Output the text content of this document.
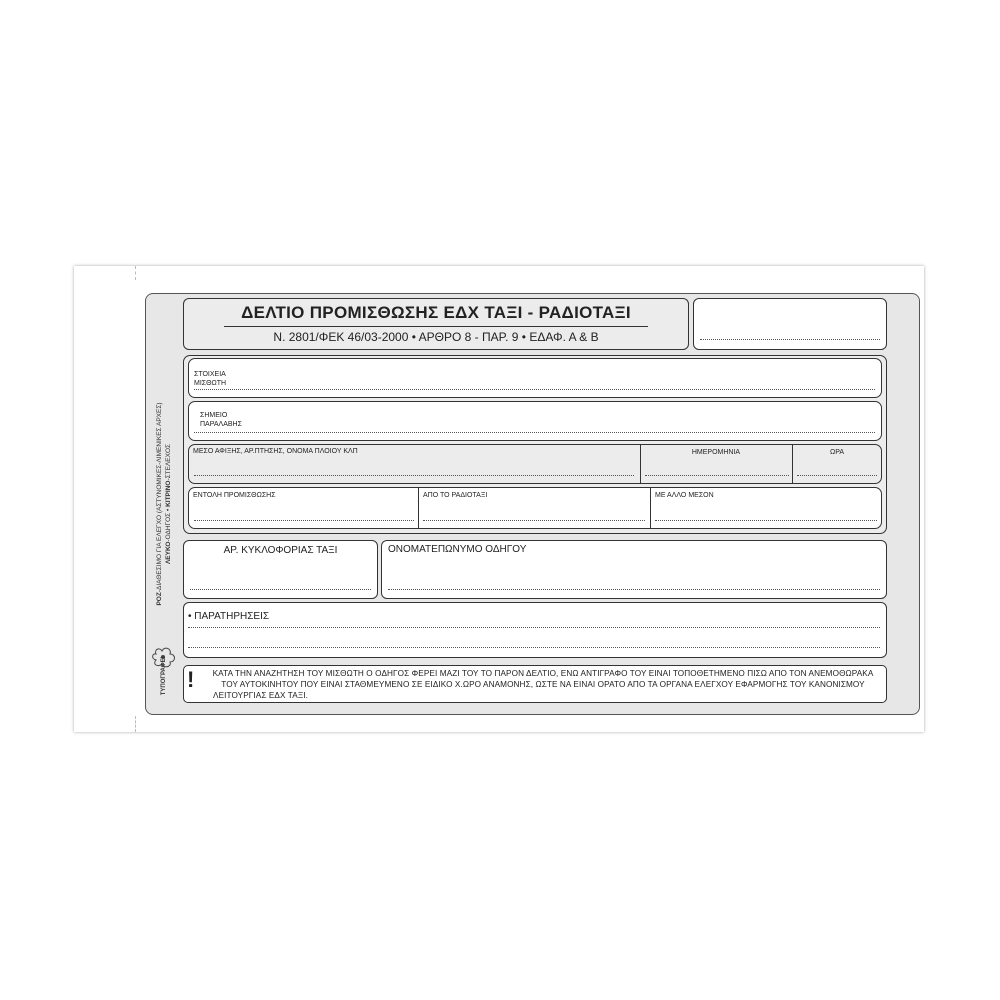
ΡΟΖ-ΔΙΑΘΕΣΙΜΟ ΓΙΑ ΕΛΕΓΧΟ (ΑΣΤΥΝΟΜΙΚΕΣ-ΛΙΜΕΝΙΚΕΣ ΑΡΧΕΣ) ΛΕΥΚΟ-ΟΔΗΓΟΣ • ΚΙΤΡΙΝΟ-ΣΤΕΛΕΧΟΣ
ΤΥΠΟΓΡΑΦΕΙ
ΔΕΛΤΙΟ ΠΡΟΜΙΣΘΩΣΗΣ ΕΔΧ ΤΑΞΙ - ΡΑΔΙΟΤΑΞΙ
Ν. 2801/ΦΕΚ 46/03-2000 • ΑΡΘΡΟ 8 - ΠΑΡ. 9 • ΕΔΑΦ. Α & Β
ΣΤΟΙΧΕΙΑ
ΜΙΣΘΩΤΗ
ΣΗΜΕΙΟ
ΠΑΡΑΛΑΒΗΣ
ΜΕΣΟ ΑΦΙΞΗΣ, ΑΡ.ΠΤΗΣΗΣ, ΟΝΟΜΑ ΠΛΟΙΟΥ ΚΛΠ	ΗΜΕΡΟΜΗΝΙΑ	ΩΡΑ
ΕΝΤΟΛΗ ΠΡΟΜΙΣΘΩΣΗΣ	ΑΠΟ ΤΟ ΡΑΔΙΟΤΑΞΙ	ΜΕ ΑΛΛΟ ΜΕΣΟΝ
ΑΡ. ΚΥΚΛΟΦΟΡΙΑΣ ΤΑΞΙ	ΟΝΟΜΑΤΕΠΩΝΥΜΟ ΟΔΗΓΟΥ
• ΠΑΡΑΤΗΡΗΣΕΙΣ
!	ΚΑΤΑ ΤΗΝ ΑΝΑΖΗΤΗΣΗ ΤΟΥ ΜΙΣΘΩΤΗ Ο ΟΔΗΓΟΣ ΦΕΡΕΙ ΜΑΖΙ ΤΟΥ ΤΟ ΠΑΡΟΝ ΔΕΛΤΙΟ, ΕΝΩ ΑΝΤΙΓΡΑΦΟ ΤΟΥ ΕΙΝΑΙ ΤΟΠΟΘΕΤΗΜΕΝΟ ΠΙΣΩ ΑΠΟ ΤΟΝ ΑΝΕΜΟΘΩΡΑΚΑ
ΤΟΥ ΑΥΤΟΚΙΝΗΤΟΥ ΠΟΥ ΕΙΝΑΙ ΣΤΑΘΜΕΥΜΕΝΟ ΣΕ ΕΙΔΙΚΟ Χ.ΩΡΟ ΑΝΑΜΟΝΗΣ, ΩΣΤΕ ΝΑ ΕΙΝΑΙ ΟΡΑΤΟ ΑΠΟ ΤΑ ΟΡΓΑΝΑ ΕΛΕΓΧΟΥ ΕΦΑΡΜΟΓΗΣ ΤΟΥ ΚΑΝΟΝΙΣΜΟΥ
ΛΕΙΤΟΥΡΓΙΑΣ ΕΔΧ ΤΑΞΙ.
